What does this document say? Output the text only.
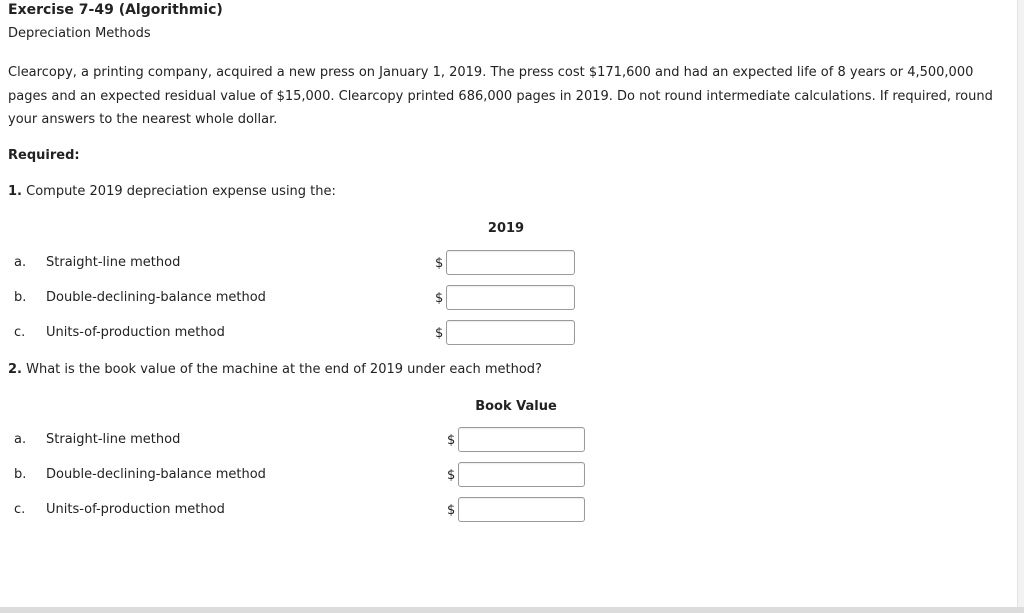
Exercise 7-49 (Algorithmic)
Depreciation Methods
Clearcopy, a printing company, acquired a new press on January 1, 2019. The press cost $171,600 and had an expected life of 8 years or 4,500,000 pages and an expected residual value of $15,000. Clearcopy printed 686,000 pages in 2019. Do not round intermediate calculations. If required, round your answers to the nearest whole dollar.
Required:
1. Compute 2019 depreciation expense using the:
2019
a. Straight-line method	$
b. Double-declining-balance method	$
c. Units-of-production method	$
2. What is the book value of the machine at the end of 2019 under each method?
Book Value
a. Straight-line method	$
b. Double-declining-balance method	$
c. Units-of-production method	$
